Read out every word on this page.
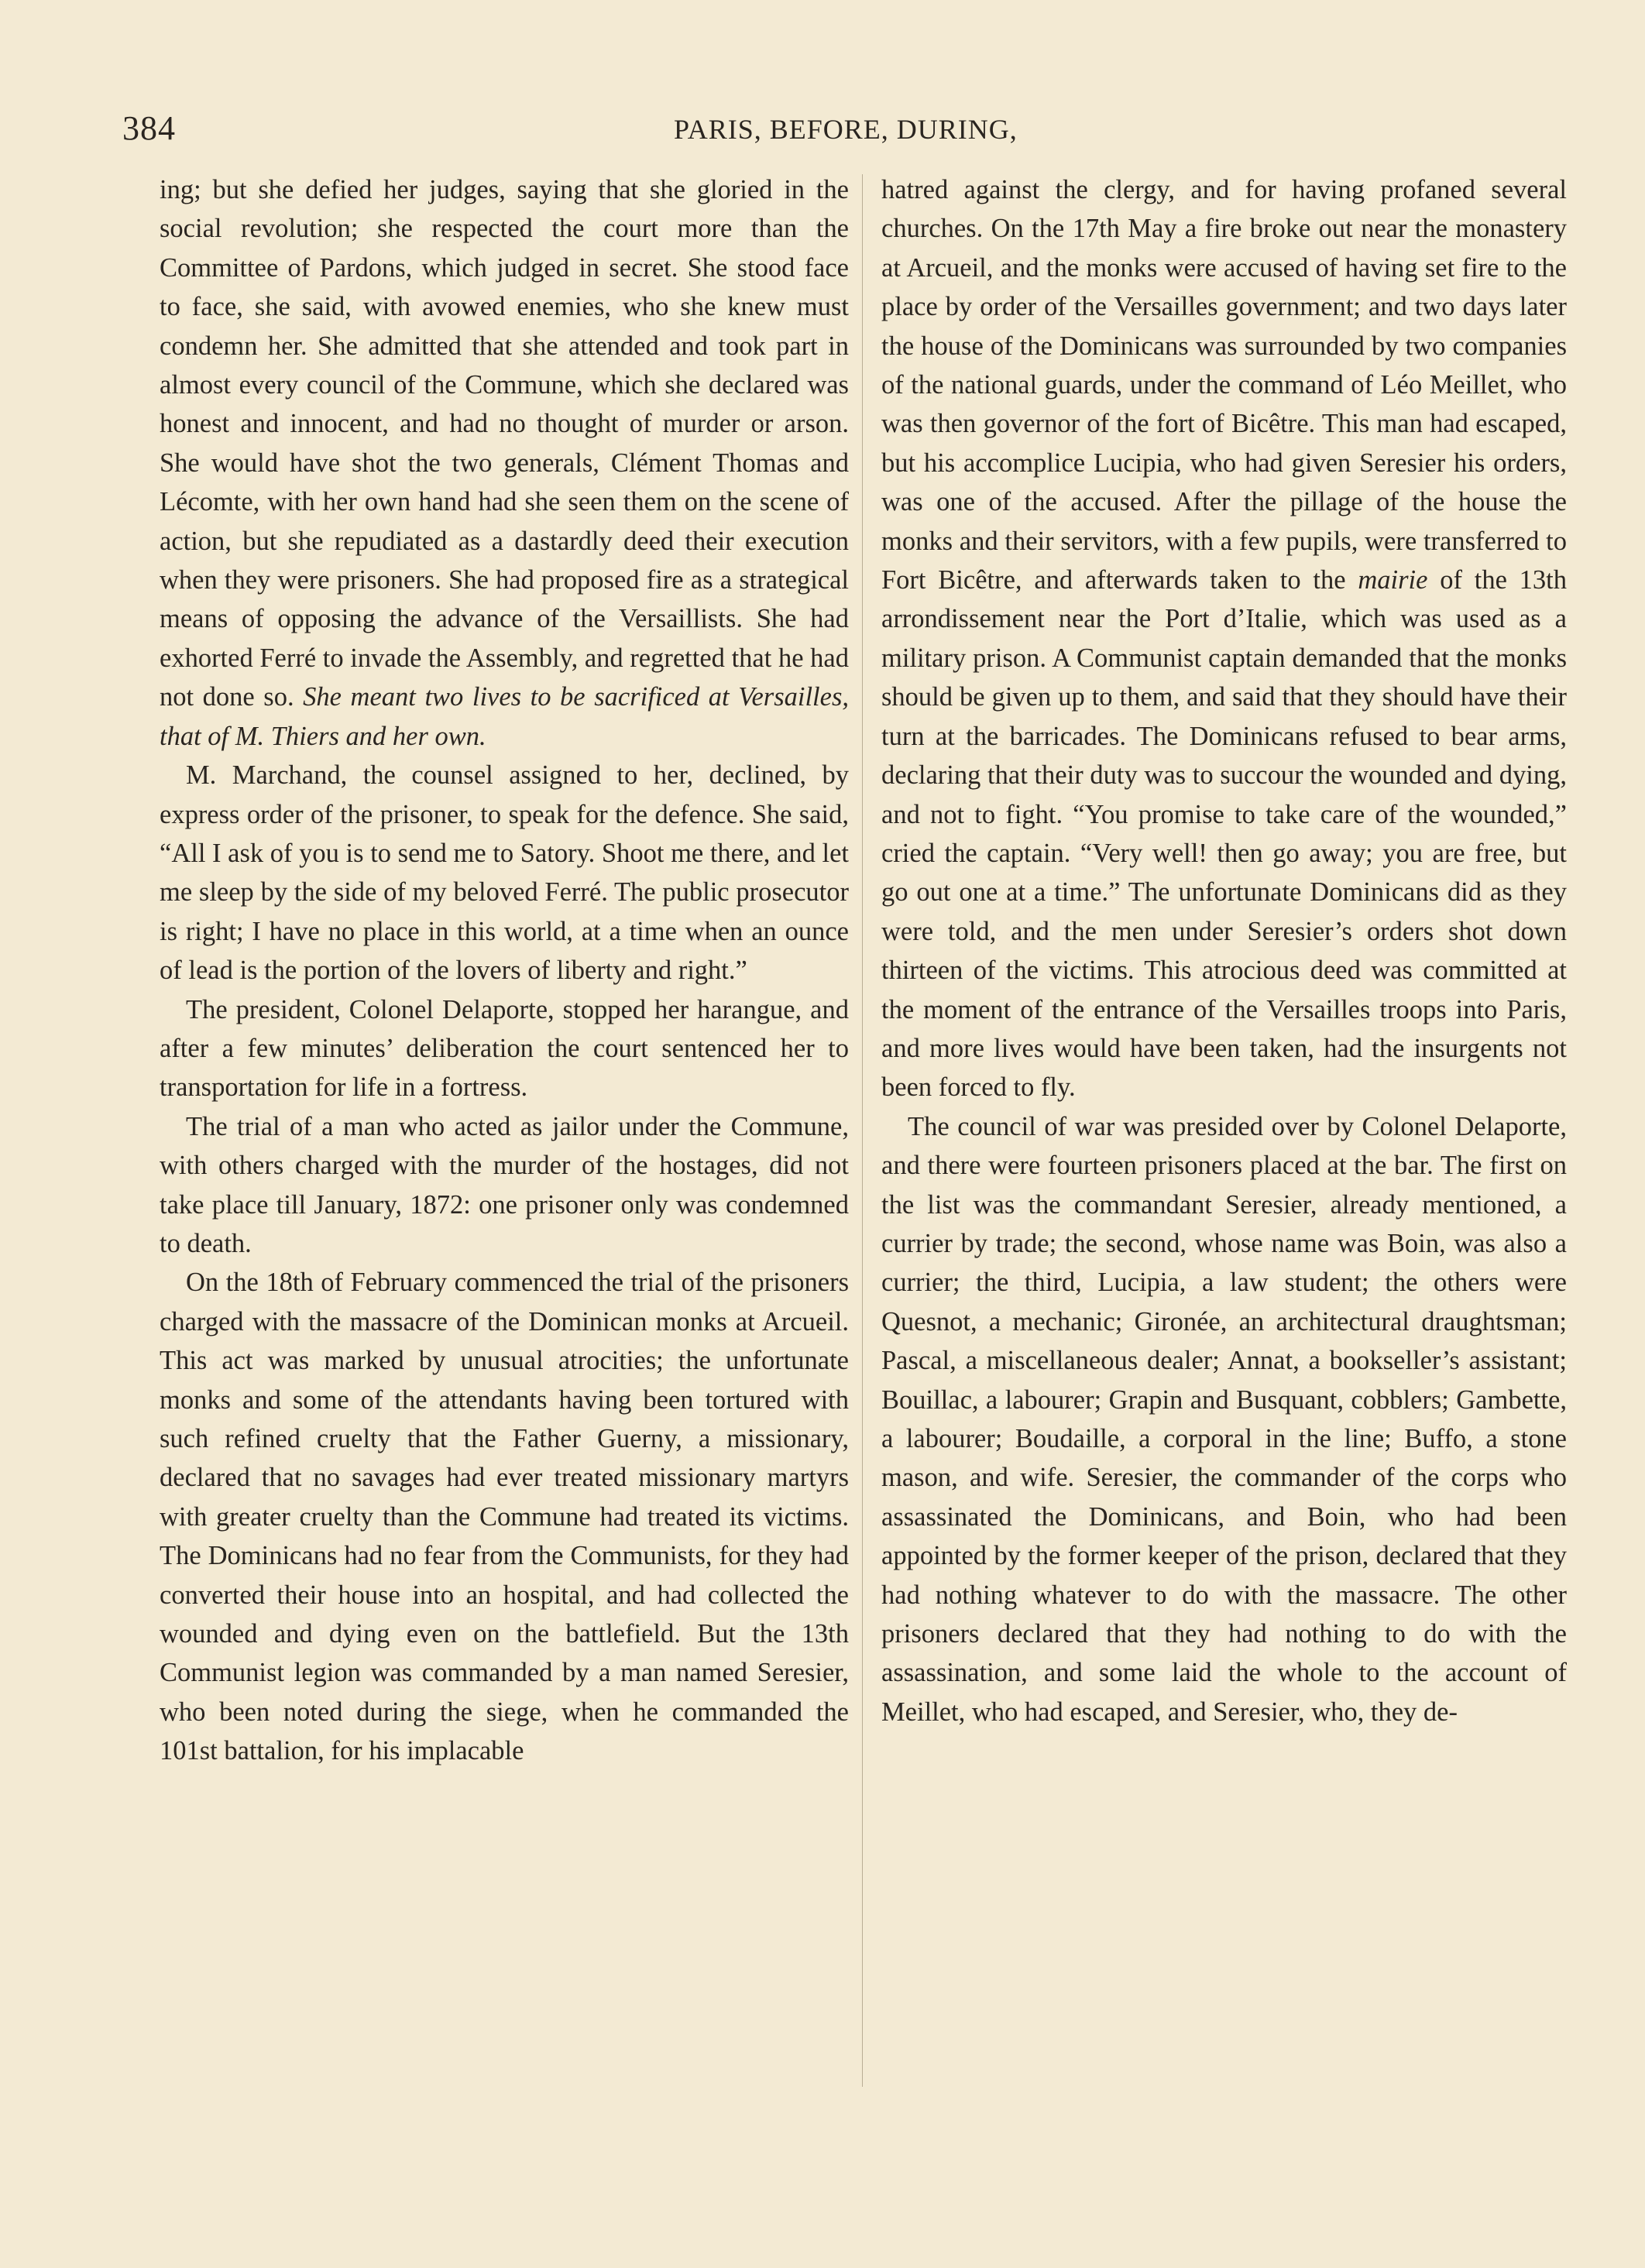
384	PARIS, BEFORE, DURING,

ing; but she defied her judges, saying that she gloried in the social revolution; she respected the court more than the Committee of Pardons, which judged in secret. She stood face to face, she said, with avowed enemies, who she knew must condemn her. She admitted that she attended and took part in almost every council of the Commune, which she declared was honest and innocent, and had no thought of murder or arson. She would have shot the two generals, Clément Thomas and Lécomte, with her own hand had she seen them on the scene of action, but she repudiated as a dastardly deed their execution when they were prisoners. She had proposed fire as a strategical means of opposing the advance of the Versaillists. She had exhorted Ferré to invade the Assembly, and regretted that he had not done so. She meant two lives to be sacrificed at Versailles, that of M. Thiers and her own.

M. Marchand, the counsel assigned to her, declined, by express order of the prisoner, to speak for the defence. She said, “All I ask of you is to send me to Satory. Shoot me there, and let me sleep by the side of my beloved Ferré. The public prosecutor is right; I have no place in this world, at a time when an ounce of lead is the portion of the lovers of liberty and right.”

The president, Colonel Delaporte, stopped her harangue, and after a few minutes’ deliberation the court sentenced her to transportation for life in a fortress.

The trial of a man who acted as jailor under the Commune, with others charged with the murder of the hostages, did not take place till January, 1872: one prisoner only was condemned to death.

On the 18th of February commenced the trial of the prisoners charged with the massacre of the Dominican monks at Arcueil. This act was marked by unusual atrocities; the unfortunate monks and some of the attendants having been tortured with such refined cruelty that the Father Guerny, a missionary, declared that no savages had ever treated missionary martyrs with greater cruelty than the Commune had treated its victims. The Dominicans had no fear from the Communists, for they had converted their house into an hospital, and had collected the wounded and dying even on the battlefield. But the 13th Communist legion was commanded by a man named Seresier, who been noted during the siege, when he commanded the 101st battalion, for his implacable

hatred against the clergy, and for having profaned several churches. On the 17th May a fire broke out near the monastery at Arcueil, and the monks were accused of having set fire to the place by order of the Versailles government; and two days later the house of the Dominicans was surrounded by two companies of the national guards, under the command of Léo Meillet, who was then governor of the fort of Bicêtre. This man had escaped, but his accomplice Lucipia, who had given Seresier his orders, was one of the accused. After the pillage of the house the monks and their servitors, with a few pupils, were transferred to Fort Bicêtre, and afterwards taken to the mairie of the 13th arrondissement near the Port d’Italie, which was used as a military prison. A Communist captain demanded that the monks should be given up to them, and said that they should have their turn at the barricades. The Dominicans refused to bear arms, declaring that their duty was to succour the wounded and dying, and not to fight. “You promise to take care of the wounded,” cried the captain. “Very well! then go away; you are free, but go out one at a time.” The unfortunate Dominicans did as they were told, and the men under Seresier’s orders shot down thirteen of the victims. This atrocious deed was committed at the moment of the entrance of the Versailles troops into Paris, and more lives would have been taken, had the insurgents not been forced to fly.

The council of war was presided over by Colonel Delaporte, and there were fourteen prisoners placed at the bar. The first on the list was the commandant Seresier, already mentioned, a currier by trade; the second, whose name was Boin, was also a currier; the third, Lucipia, a law student; the others were Quesnot, a mechanic; Gironée, an architectural draughtsman; Pascal, a miscellaneous dealer; Annat, a bookseller’s assistant; Bouillac, a labourer; Grapin and Busquant, cobblers; Gambette, a labourer; Boudaille, a corporal in the line; Buffo, a stone mason, and wife. Seresier, the commander of the corps who assassinated the Dominicans, and Boin, who had been appointed by the former keeper of the prison, declared that they had nothing whatever to do with the massacre. The other prisoners declared that they had nothing to do with the assassination, and some laid the whole to the account of Meillet, who had escaped, and Seresier, who, they de-
